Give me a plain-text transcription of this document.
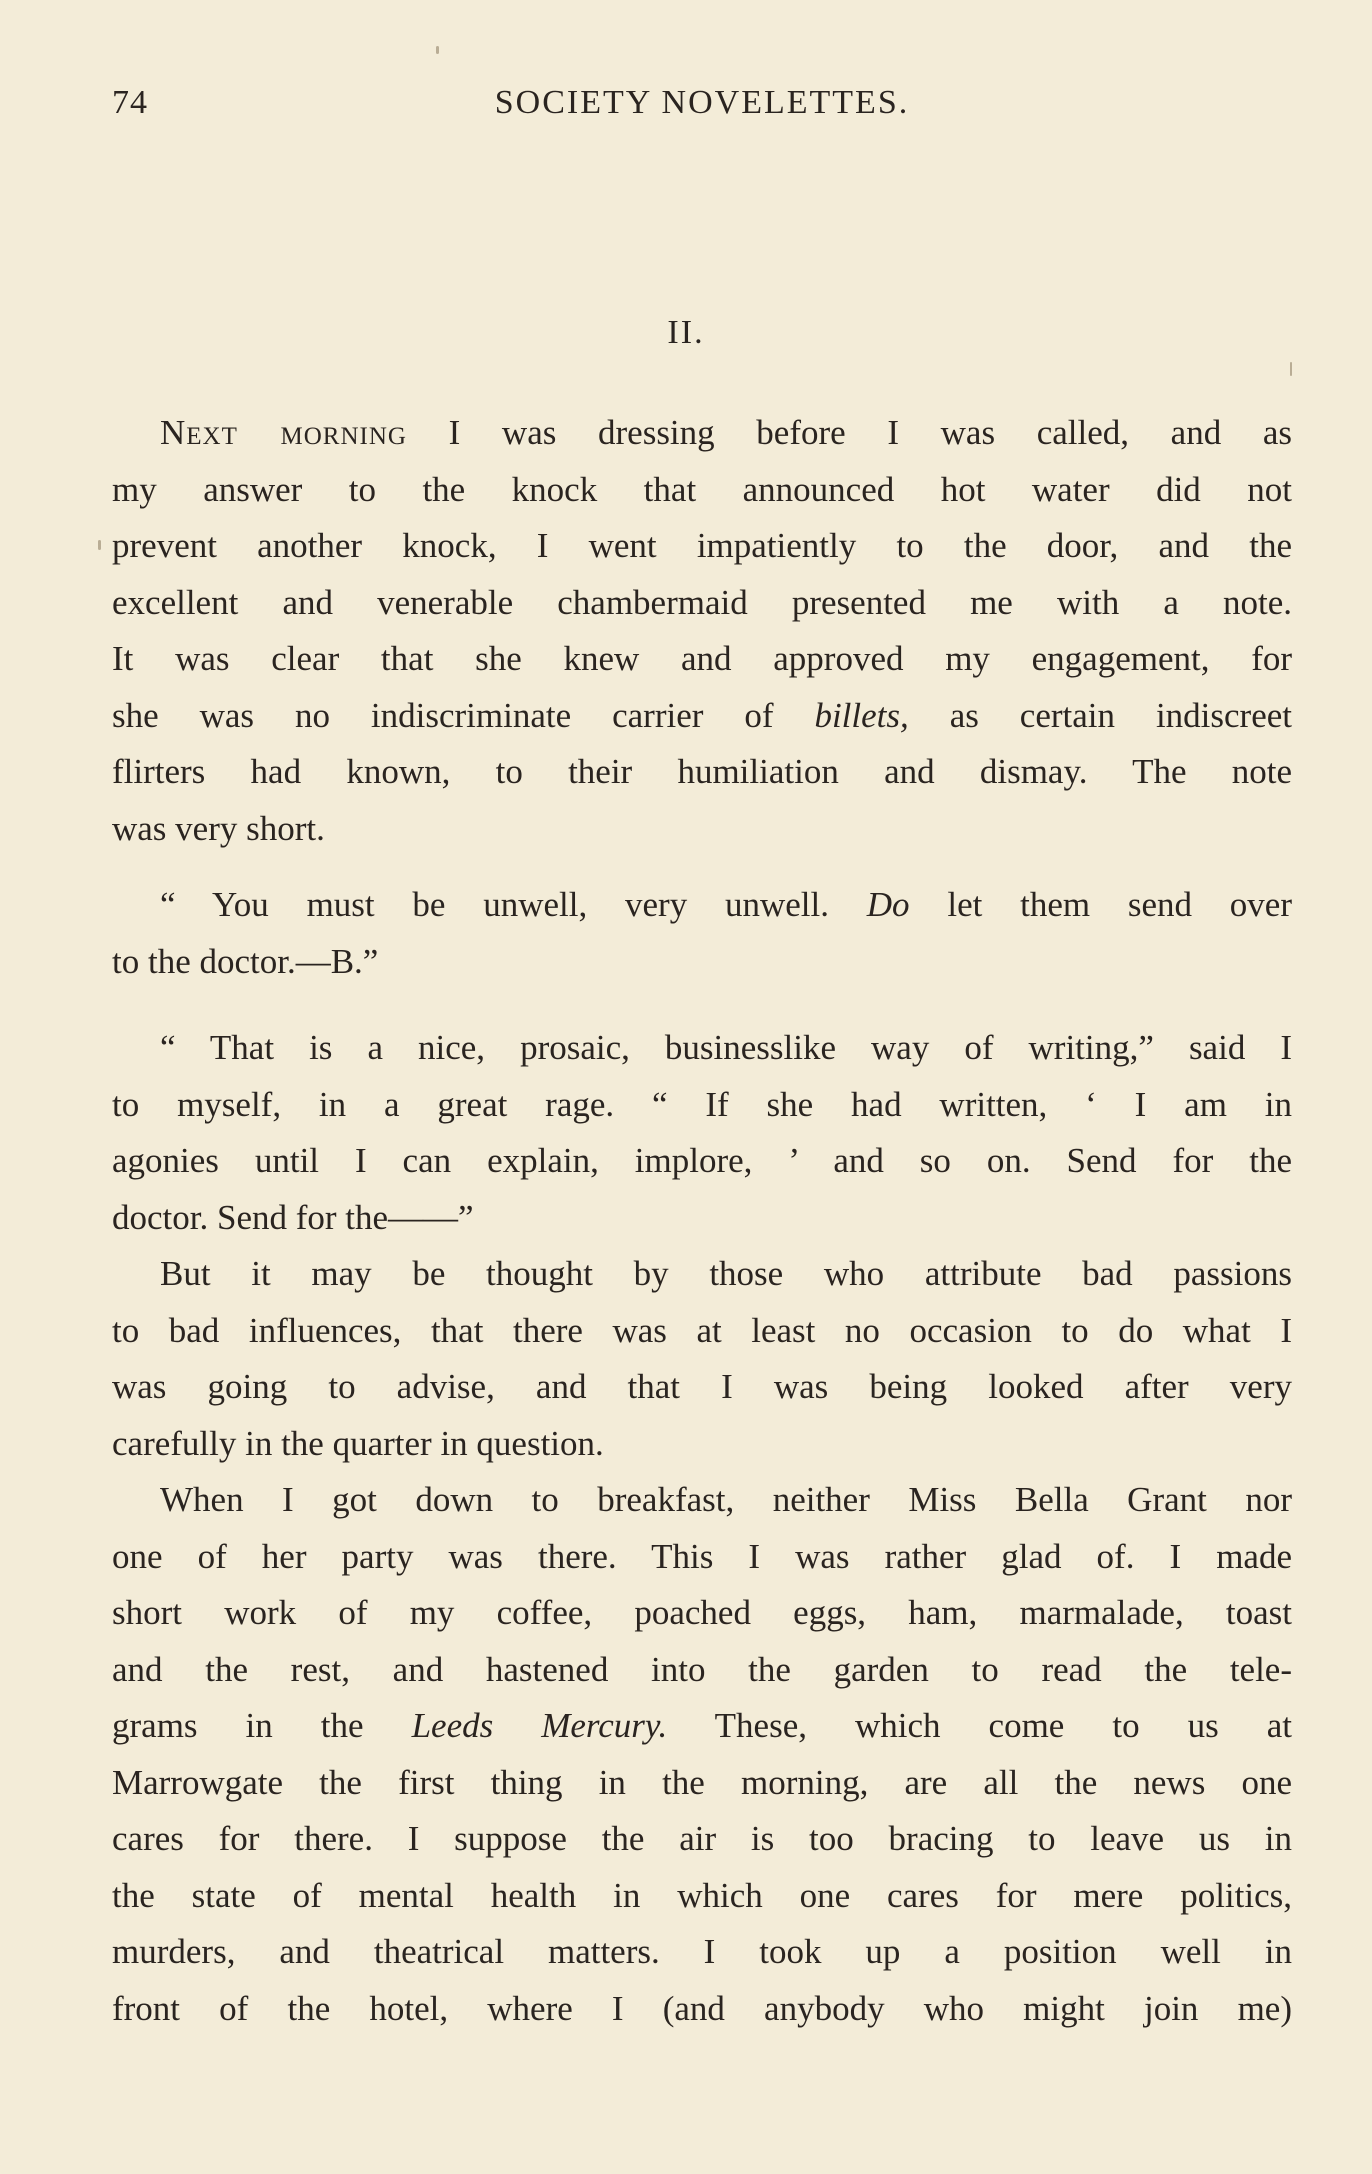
74	SOCIETY NOVELETTES.
II.
Next morning I was dressing before I was called, and as
my answer to the knock that announced hot water did not
prevent another knock, I went impatiently to the door, and the
excellent and venerable chambermaid presented me with a note.
It was clear that she knew and approved my engagement, for
she was no indiscriminate carrier of billets, as certain indiscreet
flirters had known, to their humiliation and dismay. The note
was very short.
“ You must be unwell, very unwell. Do let them send over
to the doctor.—B.”
“ That is a nice, prosaic, businesslike way of writing,” said I
to myself, in a great rage. “ If she had written, ‘ I am in
agonies until I can explain, implore, ’ and so on. Send for the
doctor. Send for the——”
But it may be thought by those who attribute bad passions
to bad influences, that there was at least no occasion to do what I
was going to advise, and that I was being looked after very
carefully in the quarter in question.
When I got down to breakfast, neither Miss Bella Grant nor
one of her party was there. This I was rather glad of. I made
short work of my coffee, poached eggs, ham, marmalade, toast
and the rest, and hastened into the garden to read the tele-
grams in the Leeds Mercury. These, which come to us at
Marrowgate the first thing in the morning, are all the news one
cares for there. I suppose the air is too bracing to leave us in
the state of mental health in which one cares for mere politics,
murders, and theatrical matters. I took up a position well in
front of the hotel, where I (and anybody who might join me)
